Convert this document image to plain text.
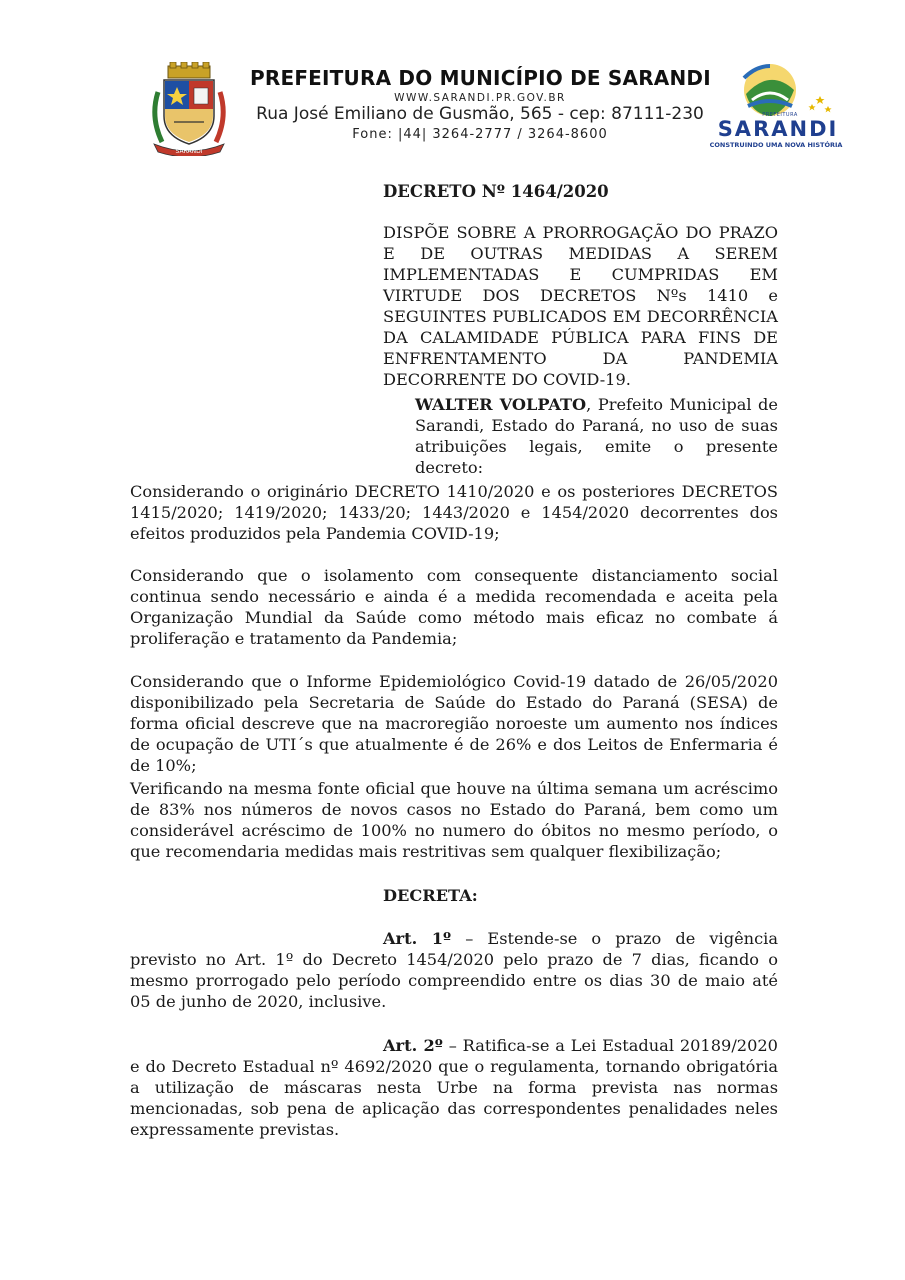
SARANDI
PREFEITURA DO MUNICÍPIO DE SARANDI
WWW.SARANDI.PR.GOV.BR
Rua José Emiliano de Gusmão, 565 - cep: 87111-230
Fone: |44| 3264-2777 / 3264-8600
PREFEITURA
SARANDI
CONSTRUINDO UMA NOVA HISTÓRIA
DECRETO Nº 1464/2020
DISPÕE SOBRE A PRORROGAÇÃO DO PRAZO E DE OUTRAS MEDIDAS A SEREM IMPLEMENTADAS E CUMPRIDAS EM VIRTUDE DOS DECRETOS Nºs 1410 e SEGUINTES PUBLICADOS EM DECORRÊNCIA DA CALAMIDADE PÚBLICA PARA FINS DE ENFRENTAMENTO DA PANDEMIA DECORRENTE DO COVID-19.
WALTER VOLPATO, Prefeito Municipal de Sarandi, Estado do Paraná, no uso de suas atribuições legais, emite o presente decreto:
Considerando o originário DECRETO 1410/2020 e os posteriores DECRETOS 1415/2020; 1419/2020; 1433/20; 1443/2020 e 1454/2020 decorrentes dos efeitos produzidos pela Pandemia COVID-19;
Considerando que o isolamento com consequente distanciamento social continua sendo necessário e ainda é a medida recomendada e aceita pela Organização Mundial da Saúde como método mais eficaz no combate á proliferação e tratamento da Pandemia;
Considerando que o Informe Epidemiológico Covid-19 datado de 26/05/2020 disponibilizado pela Secretaria de Saúde do Estado do Paraná (SESA) de forma oficial descreve que na macroregião noroeste um aumento nos índices de ocupação de UTI´s que atualmente é de 26% e dos Leitos de Enfermaria é de 10%;
Verificando na mesma fonte oficial que houve na última semana um acréscimo de 83% nos números de novos casos no Estado do Paraná, bem como um considerável acréscimo de 100% no numero do óbitos no mesmo período, o que recomendaria medidas mais restritivas sem qualquer flexibilização;
DECRETA:
Art. 1º – Estende-se o prazo de vigência previsto no Art. 1º do Decreto 1454/2020 pelo prazo de 7 dias, ficando o mesmo prorrogado pelo período compreendido entre os dias 30 de maio até 05 de junho de 2020, inclusive.
Art. 2º – Ratifica-se a Lei Estadual 20189/2020 e do Decreto Estadual nº 4692/2020 que o regulamenta, tornando obrigatória a utilização de máscaras nesta Urbe na forma prevista nas normas mencionadas, sob pena de aplicação das correspondentes penalidades neles expressamente previstas.
